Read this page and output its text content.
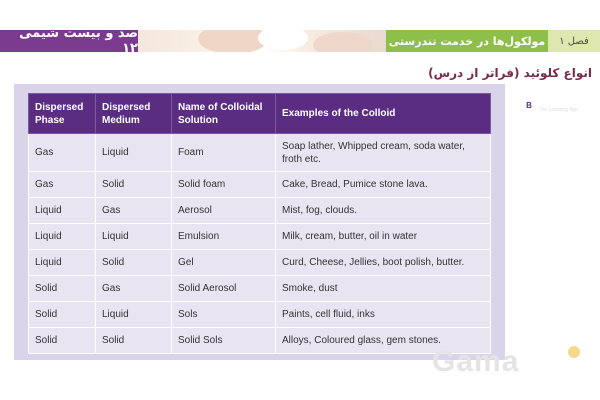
صد و بیست شیمی ۱۲	مولکول‌ها در خدمت تندرستی	فصل ۱
انواع کلوئید (فراتر از درس)
Dispersed Phase	Dispersed Medium	Name of Colloidal Solution	Examples of the Colloid
Gas	Liquid	Foam	Soap lather, Whipped cream, soda water, froth etc.
Gas	Solid	Solid foam	Cake, Bread, Pumice stone lava.
Liquid	Gas	Aerosol	Mist, fog, clouds.
Liquid	Liquid	Emulsion	Milk, cream, butter, oil in water
Liquid	Solid	Gel	Curd, Cheese, Jellies, boot polish, butter.
Solid	Gas	Solid Aerosol	Smoke, dust
Solid	Liquid	Sols	Paints, cell fluid, inks
Solid	Solid	Solid Sols	Alloys, Coloured glass, gem stones.
B BYJU'S
The Learning App
Gama
